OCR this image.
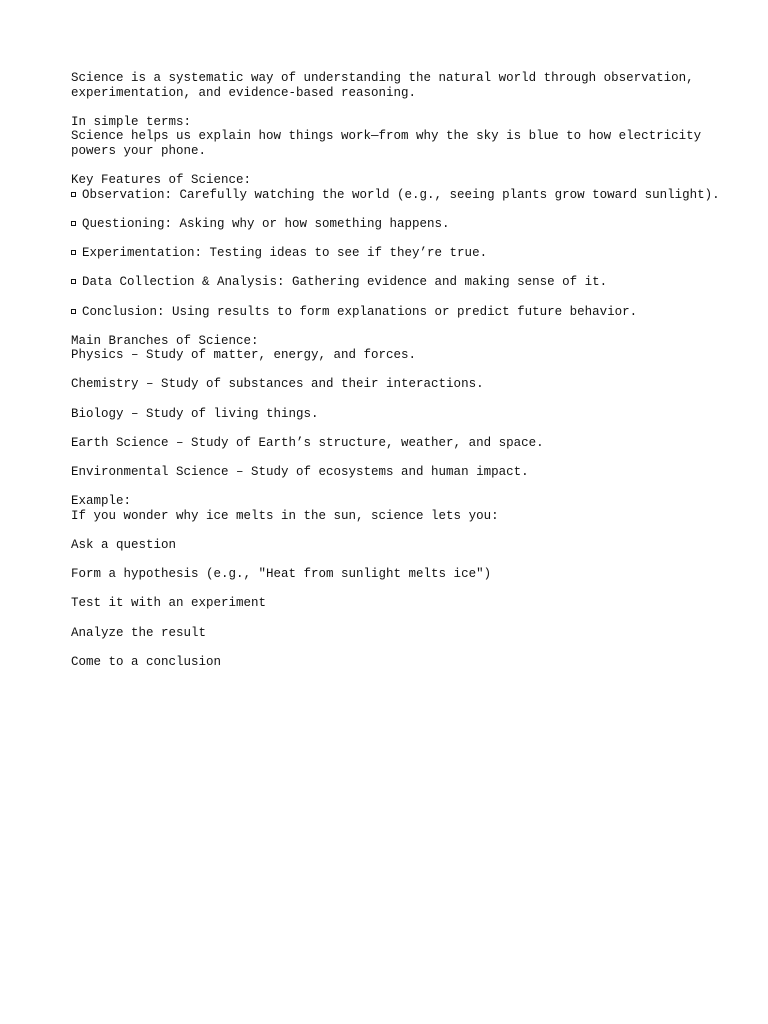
Science is a systematic way of understanding the natural world through observation, experimentation, and evidence-based reasoning.

In simple terms:
Science helps us explain how things work—from why the sky is blue to how electricity powers your phone.

Key Features of Science:
Observation: Carefully watching the world (e.g., seeing plants grow toward sunlight).

Questioning: Asking why or how something happens.

Experimentation: Testing ideas to see if they’re true.

Data Collection & Analysis: Gathering evidence and making sense of it.

Conclusion: Using results to form explanations or predict future behavior.

Main Branches of Science:
Physics – Study of matter, energy, and forces.

Chemistry – Study of substances and their interactions.

Biology – Study of living things.

Earth Science – Study of Earth’s structure, weather, and space.

Environmental Science – Study of ecosystems and human impact.

Example:
If you wonder why ice melts in the sun, science lets you:

Ask a question

Form a hypothesis (e.g., "Heat from sunlight melts ice")

Test it with an experiment

Analyze the result

Come to a conclusion
